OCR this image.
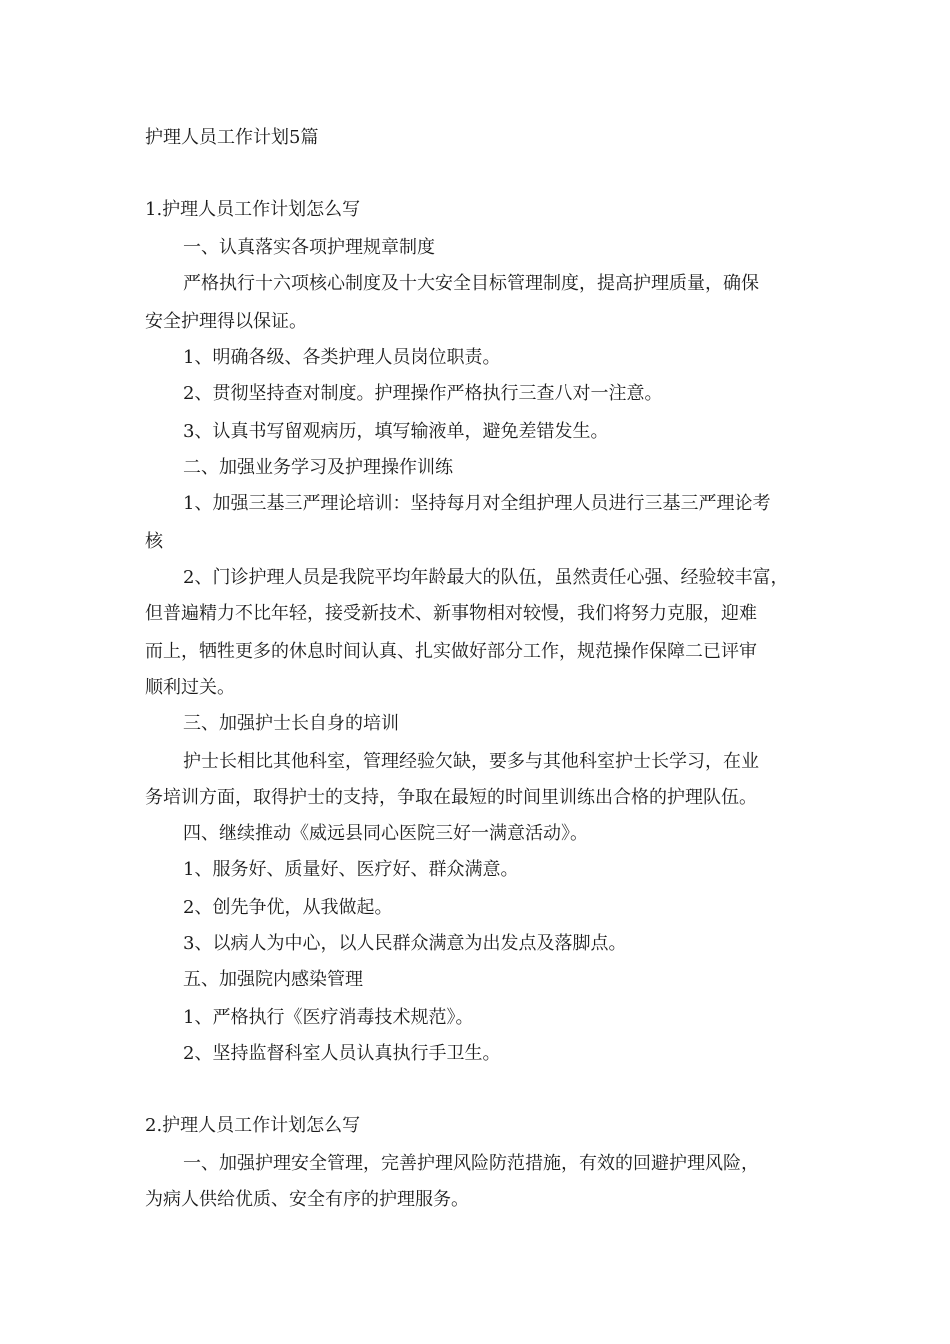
护理人员工作计划5篇
1.护理人员工作计划怎么写
一、认真落实各项护理规章制度
严格执行十六项核心制度及十大安全目标管理制度，提高护理质量，确保
安全护理得以保证。
1、明确各级、各类护理人员岗位职责。
2、贯彻坚持查对制度。护理操作严格执行三查八对一注意。
3、认真书写留观病历，填写输液单，避免差错发生。
二、加强业务学习及护理操作训练
1、加强三基三严理论培训：坚持每月对全组护理人员进行三基三严理论考
核
2、门诊护理人员是我院平均年龄最大的队伍，虽然责任心强、经验较丰富，
但普遍精力不比年轻，接受新技术、新事物相对较慢，我们将努力克服，迎难
而上，牺牲更多的休息时间认真、扎实做好部分工作，规范操作保障二已评审
顺利过关。
三、加强护士长自身的培训
护士长相比其他科室，管理经验欠缺，要多与其他科室护士长学习，在业
务培训方面，取得护士的支持，争取在最短的时间里训练出合格的护理队伍。
四、继续推动《威远县同心医院三好一满意活动》。
1、服务好、质量好、医疗好、群众满意。
2、创先争优，从我做起。
3、以病人为中心，以人民群众满意为出发点及落脚点。
五、加强院内感染管理
1、严格执行《医疗消毒技术规范》。
2、坚持监督科室人员认真执行手卫生。
2.护理人员工作计划怎么写
一、加强护理安全管理，完善护理风险防范措施，有效的回避护理风险，
为病人供给优质、安全有序的护理服务。
